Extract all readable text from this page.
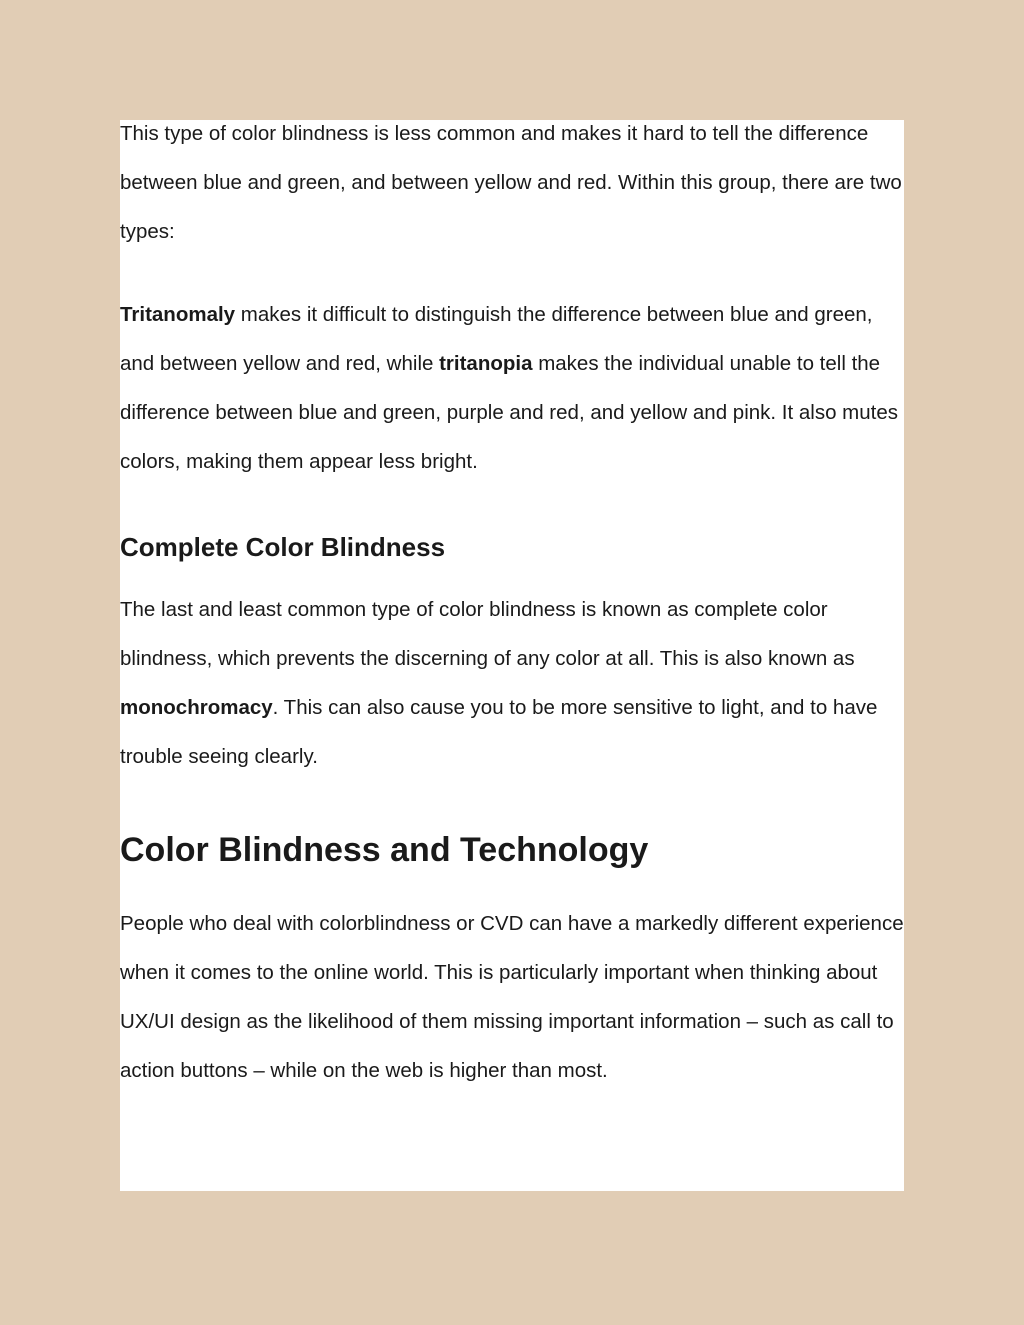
This type of color blindness is less common and makes it hard to tell the difference between blue and green, and between yellow and red. Within this group, there are two types:

Tritanomaly makes it difficult to distinguish the difference between blue and green, and between yellow and red, while tritanopia makes the individual unable to tell the difference between blue and green, purple and red, and yellow and pink. It also mutes colors, making them appear less bright.

Complete Color Blindness

The last and least common type of color blindness is known as complete color blindness, which prevents the discerning of any color at all. This is also known as monochromacy. This can also cause you to be more sensitive to light, and to have trouble seeing clearly.

Color Blindness and Technology

People who deal with colorblindness or CVD can have a markedly different experience when it comes to the online world. This is particularly important when thinking about UX/UI design as the likelihood of them missing important information – such as call to action buttons – while on the web is higher than most.
